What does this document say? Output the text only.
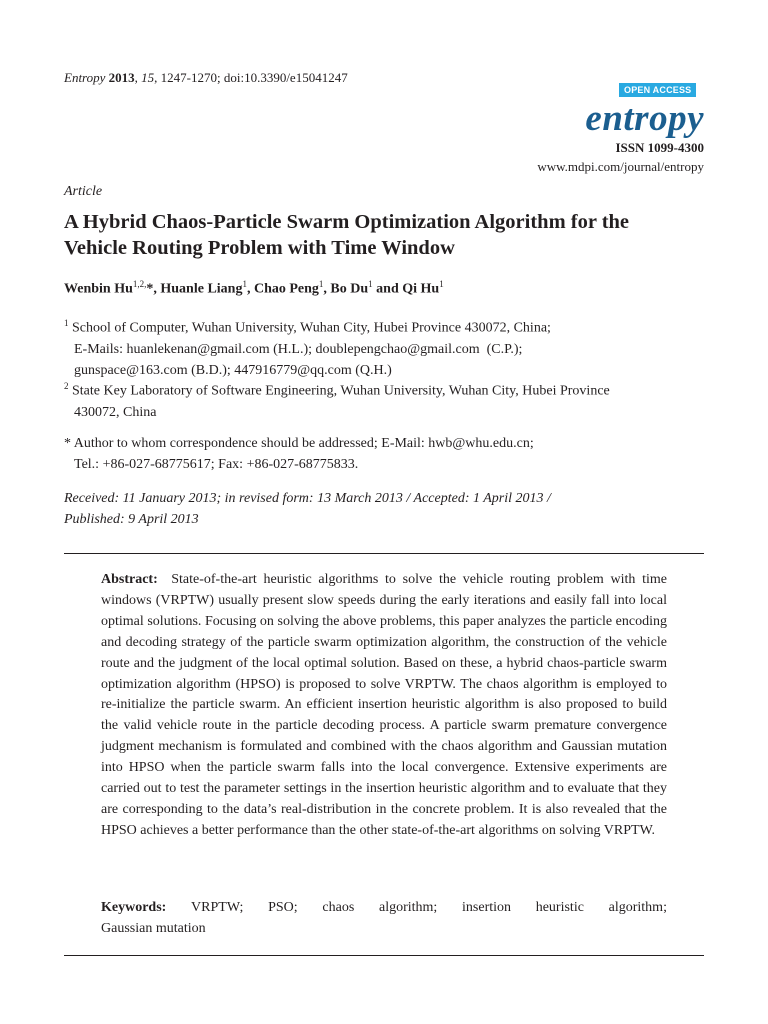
Entropy 2013, 15, 1247-1270; doi:10.3390/e15041247
OPEN ACCESS
entropy
ISSN 1099-4300
www.mdpi.com/journal/entropy
Article
A Hybrid Chaos-Particle Swarm Optimization Algorithm for the
Vehicle Routing Problem with Time Window
Wenbin $Hu^{1,2,}*$, Huanle Liang$^1$, Chao Peng$^1$, Bo Du$^1$ and Qi Hu$^1$
$^1$ School of Computer, Wuhan University, Wuhan City, Hubei Province 430072, China;
E-Mails: huanlekenan@gmail.com (H.L.); doublepengchao@gmail.com  (C.P.);
gunspace@163.com (B.D.); 447916779@qq.com (Q.H.)
$^2$ State Key Laboratory of Software Engineering, Wuhan University, Wuhan City, Hubei Province
430072, China
* Author to whom correspondence should be addressed; E-Mail: hwb@whu.edu.cn;
Tel.: +86-027-68775617; Fax: +86-027-68775833.
Received: 11 January 2013; in revised form: 13 March 2013 / Accepted: 1 April 2013 /
Published: 9 April 2013
Abstract: State-of-the-art heuristic algorithms to solve the vehicle routing problem with time windows (VRPTW) usually present slow speeds during the early iterations and easily fall into local optimal solutions. Focusing on solving the above problems, this paper analyzes the particle encoding and decoding strategy of the particle swarm optimization algorithm, the construction of the vehicle route and the judgment of the local optimal solution. Based on these, a hybrid chaos-particle swarm optimization algorithm (HPSO) is proposed to solve VRPTW. The chaos algorithm is employed to re-initialize the particle swarm. An efficient insertion heuristic algorithm is also proposed to build the valid vehicle route in the particle decoding process. A particle swarm premature convergence judgment mechanism is formulated and combined with the chaos algorithm and Gaussian mutation into HPSO when the particle swarm falls into the local convergence. Extensive experiments are carried out to test the parameter settings in the insertion heuristic algorithm and to evaluate that they are corresponding to the data’s real-distribution in the concrete problem. It is also revealed that the HPSO achieves a better performance than the other state-of-the-art algorithms on solving VRPTW.
Keywords: VRPTW; PSO; chaos algorithm; insertion heuristic algorithm;
Gaussian mutation
